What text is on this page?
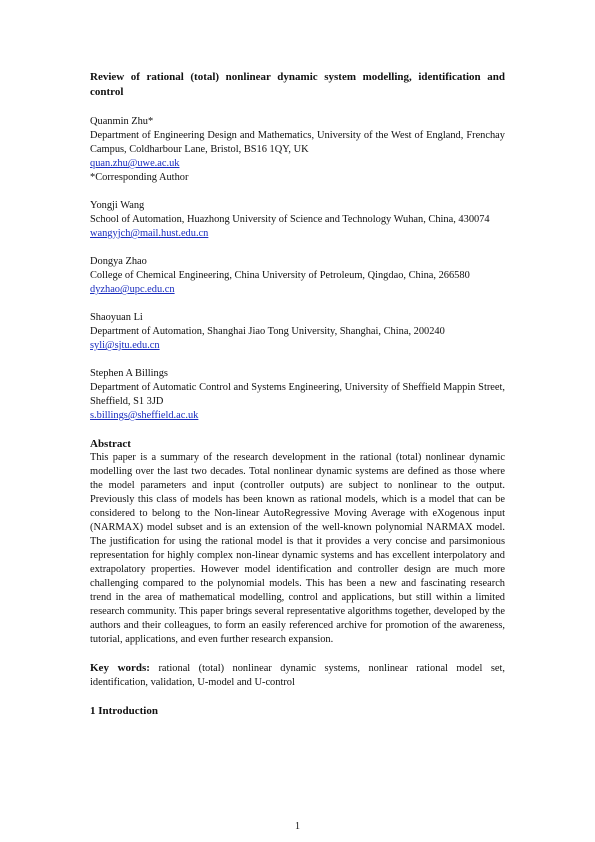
Review of rational (total) nonlinear dynamic system modelling, identification and control
Quanmin Zhu*
Department of Engineering Design and Mathematics, University of the West of England, Frenchay Campus, Coldharbour Lane, Bristol, BS16 1QY, UK
quan.zhu@uwe.ac.uk
*Corresponding Author
Yongji Wang
School of Automation, Huazhong University of Science and Technology Wuhan, China, 430074
wangyjch@mail.hust.edu.cn
Dongya Zhao
College of Chemical Engineering, China University of Petroleum, Qingdao, China, 266580
dyzhao@upc.edu.cn
Shaoyuan Li
Department of Automation, Shanghai Jiao Tong University, Shanghai, China, 200240
syli@sjtu.edu.cn
Stephen A Billings
Department of Automatic Control and Systems Engineering, University of Sheffield Mappin Street, Sheffield, S1 3JD
s.billings@sheffield.ac.uk
Abstract
This paper is a summary of the research development in the rational (total) nonlinear dynamic modelling over the last two decades. Total nonlinear dynamic systems are defined as those where the model parameters and input (controller outputs) are subject to nonlinear to the output. Previously this class of models has been known as rational models, which is a model that can be considered to belong to the Non-linear AutoRegressive Moving Average with eXogenous input (NARMAX) model subset and is an extension of the well-known polynomial NARMAX model. The justification for using the rational model is that it provides a very concise and parsimonious representation for highly complex non-linear dynamic systems and has excellent interpolatory and extrapolatory properties. However model identification and controller design are much more challenging compared to the polynomial models. This has been a new and fascinating research trend in the area of mathematical modelling, control and applications, but still within a limited research community. This paper brings several representative algorithms together, developed by the authors and their colleagues, to form an easily referenced archive for promotion of the awareness, tutorial, applications, and even further research expansion.
Key words: rational (total) nonlinear dynamic systems, nonlinear rational model set, identification, validation, U-model and U-control
1 Introduction
1
